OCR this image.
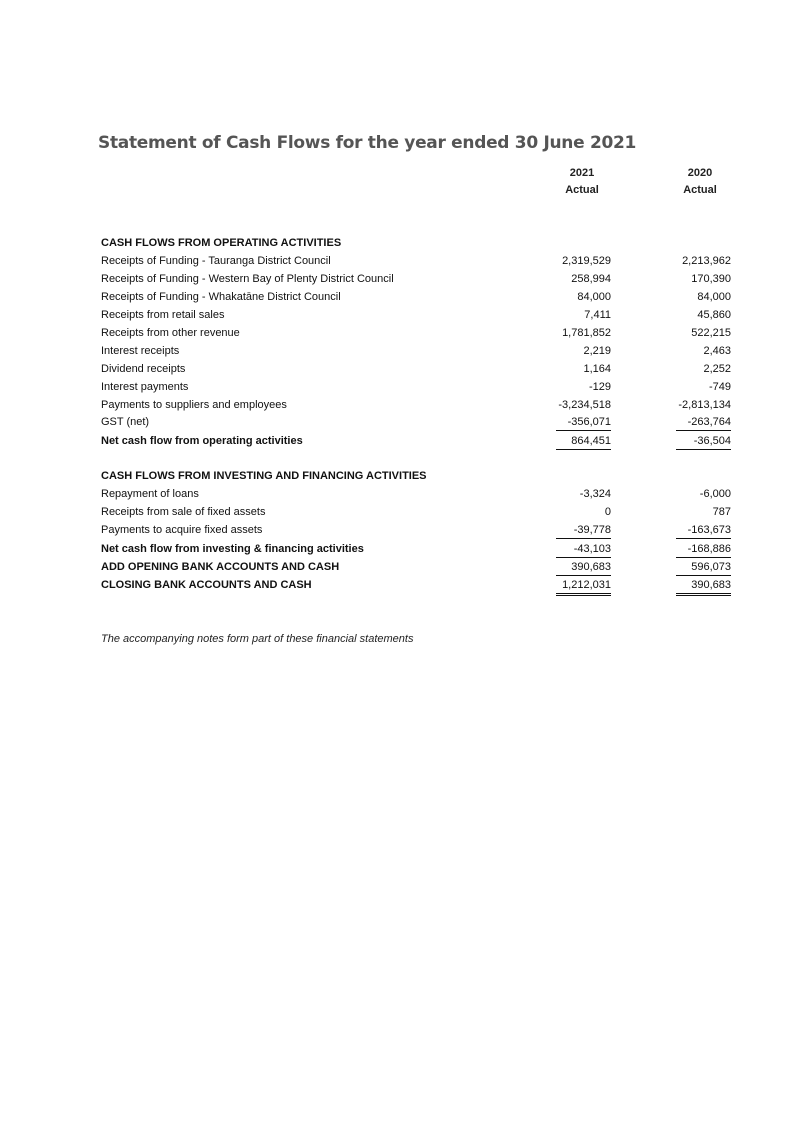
Statement of Cash Flows for the year ended 30 June 2021
2021
Actual
2020
Actual
CASH FLOWS FROM OPERATING ACTIVITIES
Receipts of Funding - Tauranga District Council	2,319,529	2,213,962
Receipts of Funding - Western Bay of Plenty District Council	258,994	170,390
Receipts of Funding - Whakatāne District Council	84,000	84,000
Receipts from retail sales	7,411	45,860
Receipts from other revenue	1,781,852	522,215
Interest receipts	2,219	2,463
Dividend receipts	1,164	2,252
Interest payments	-129	-749
Payments to suppliers and employees	-3,234,518	-2,813,134
GST (net)	-356,071	-263,764
Net cash flow from operating activities	864,451	-36,504
CASH FLOWS FROM INVESTING AND FINANCING ACTIVITIES
Repayment of loans	-3,324	-6,000
Receipts from sale of fixed assets	0	787
Payments to acquire fixed assets	-39,778	-163,673
Net cash flow from investing & financing activities	-43,103	-168,886
ADD OPENING BANK ACCOUNTS AND CASH	390,683	596,073
CLOSING BANK ACCOUNTS AND CASH	1,212,031	390,683
The accompanying notes form part of these financial statements
